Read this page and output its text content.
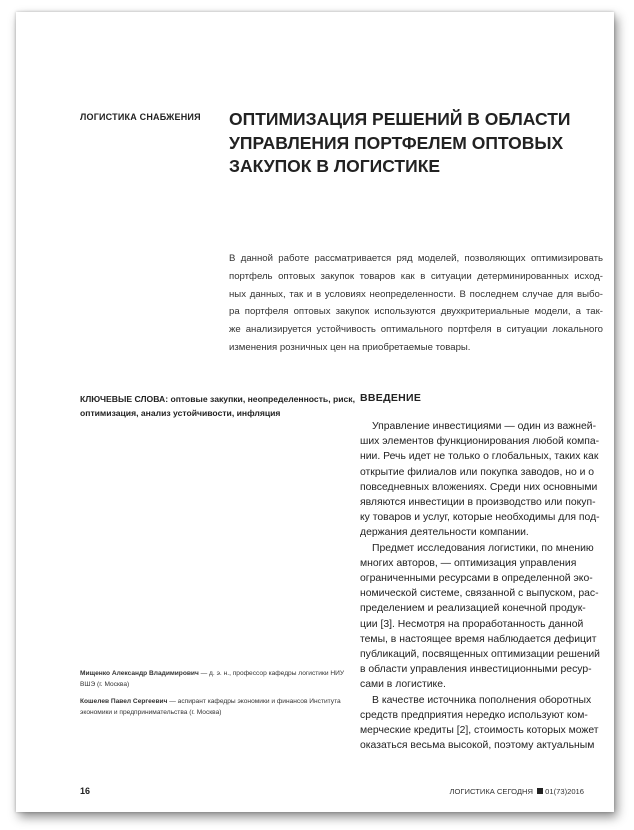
ЛОГИСТИКА СНАБЖЕНИЯ ОПТИМИЗАЦИЯ РЕШЕНИЙ В ОБЛАСТИ
УПРАВЛЕНИЯ ПОРТФЕЛЕМ ОПТОВЫХ
ЗАКУПОК В ЛОГИСТИКЕ
В данной работе рассматривается ряд моделей, позволяющих оптимизировать
портфель оптовых закупок товаров как в ситуации детерминированных исход-
ных данных, так и в условиях неопределенности. В последнем случае для выбо-
ра портфеля оптовых закупок используются двухкритериальные модели, а так-
же анализируется устойчивость оптимального портфеля в ситуации локального
изменения розничных цен на приобретаемые товары.
КЛЮЧЕВЫЕ СЛОВА: оптовые закупки, неопределенность, риск,
оптимизация, анализ устойчивости, инфляция
Мищенко Александр Владимирович — д. э. н., профессор кафедры логистики НИУ
ВШЭ (г. Москва)
Кошелев Павел Сергеевич — аспирант кафедры экономики и финансов Института
экономики и предпринимательства (г. Москва)
ВВЕДЕНИЕ
Управление инвестициями — один из важней-
ших элементов функционирования любой компа-
нии. Речь идет не только о глобальных, таких как
открытие филиалов или покупка заводов, но и о
повседневных вложениях. Среди них основными
являются инвестиции в производство или покуп-
ку товаров и услуг, которые необходимы для под-
держания деятельности компании.
Предмет исследования логистики, по мнению
многих авторов, — оптимизация управления
ограниченными ресурсами в определенной эко-
номической системе, связанной с выпуском, рас-
пределением и реализацией конечной продук-
ции [3]. Несмотря на проработанность данной
темы, в настоящее время наблюдается дефицит
публикаций, посвященных оптимизации решений
в области управления инвестиционными ресур-
сами в логистике.
В качестве источника пополнения оборотных
средств предприятия нередко используют ком-
мерческие кредиты [2], стоимость которых может
оказаться весьма высокой, поэтому актуальным
16	ЛОГИСТИКА СЕГОДНЯ 01(73)2016
